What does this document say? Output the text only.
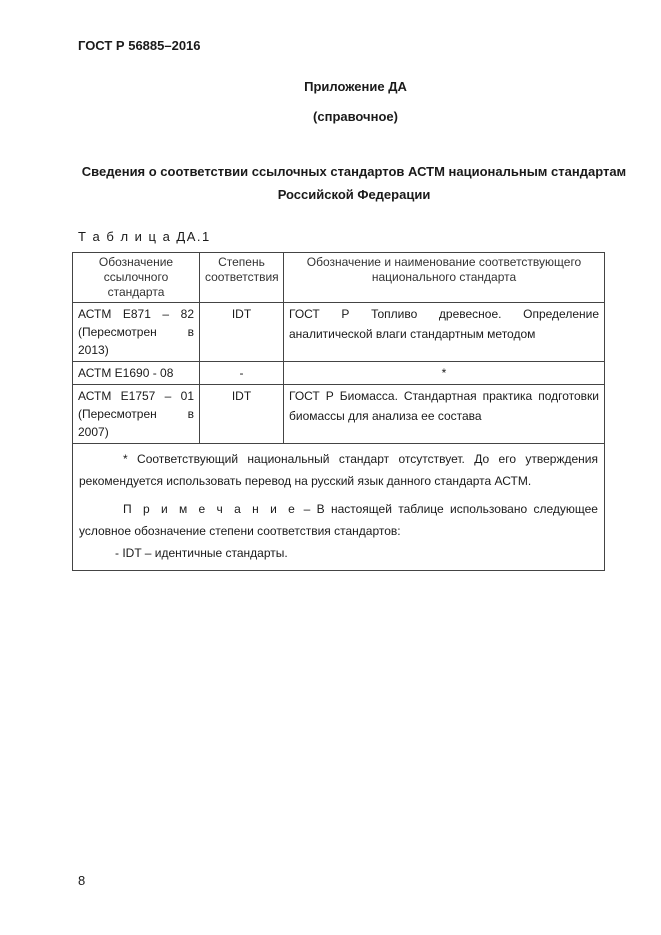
ГОСТ Р 56885–2016
Приложение ДА
(справочное)
Сведения о соответствии ссылочных стандартов АСТМ национальным стандартам Российской Федерации
Т а б л и ц а ДА.1
Обозначение ссылочного стандарта	Степень соответствия	Обозначение и наименование соответствующего национального стандарта
АСТМ E871 – 82 (Пересмотрен в 2013)	IDT	ГОСТ Р Топливо древесное. Определение аналитической влаги стандартным методом
АСТМ E1690 - 08	-	*
АСТМ E1757 – 01 (Пересмотрен в 2007)	IDT	ГОСТ Р Биомасса. Стандартная практика подготовки биомассы для анализа ее состава

* Соответствующий национальный стандарт отсутствует. До его утверждения рекомендуется использовать перевод на русский язык данного стандарта АСТМ.

П р и м е ч а н и е – В настоящей таблице использовано следующее условное обозначение степени соответствия стандартов:

- IDT – идентичные стандарты.		

8
